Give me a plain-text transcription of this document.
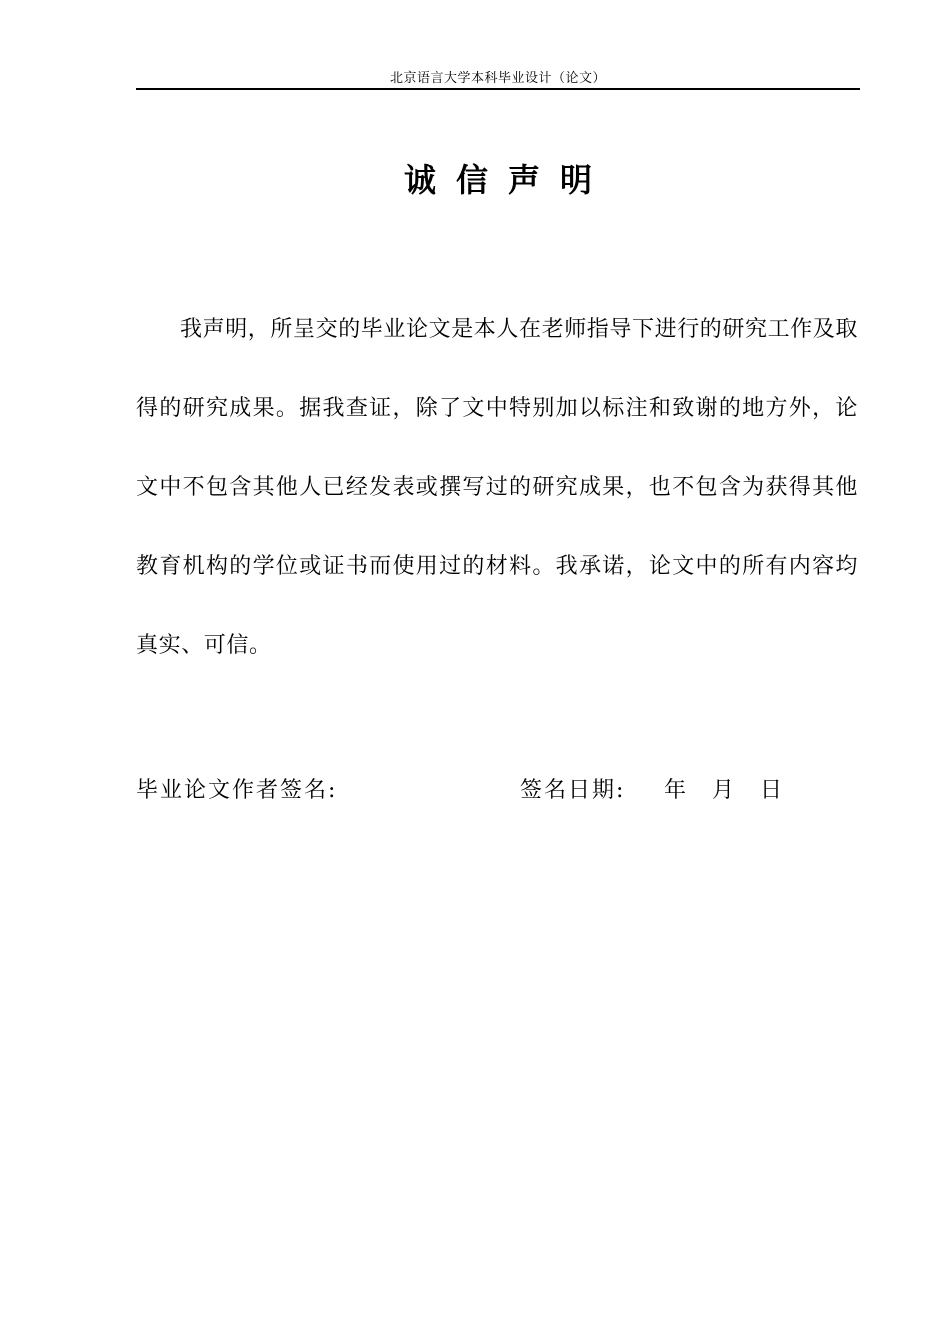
北京语言大学本科毕业设计（论文）
诚信声明

我声明，所呈交的毕业论文是本人在老师指导下进行的研究工作及取得的研究成果。据我查证，除了文中特别加以标注和致谢的地方外，论文中不包含其他人已经发表或撰写过的研究成果，也不包含为获得其他教育机构的学位或证书而使用过的材料。我承诺，论文中的所有内容均真实、可信。

毕业论文作者签名:	签名日期: 年 月 日
